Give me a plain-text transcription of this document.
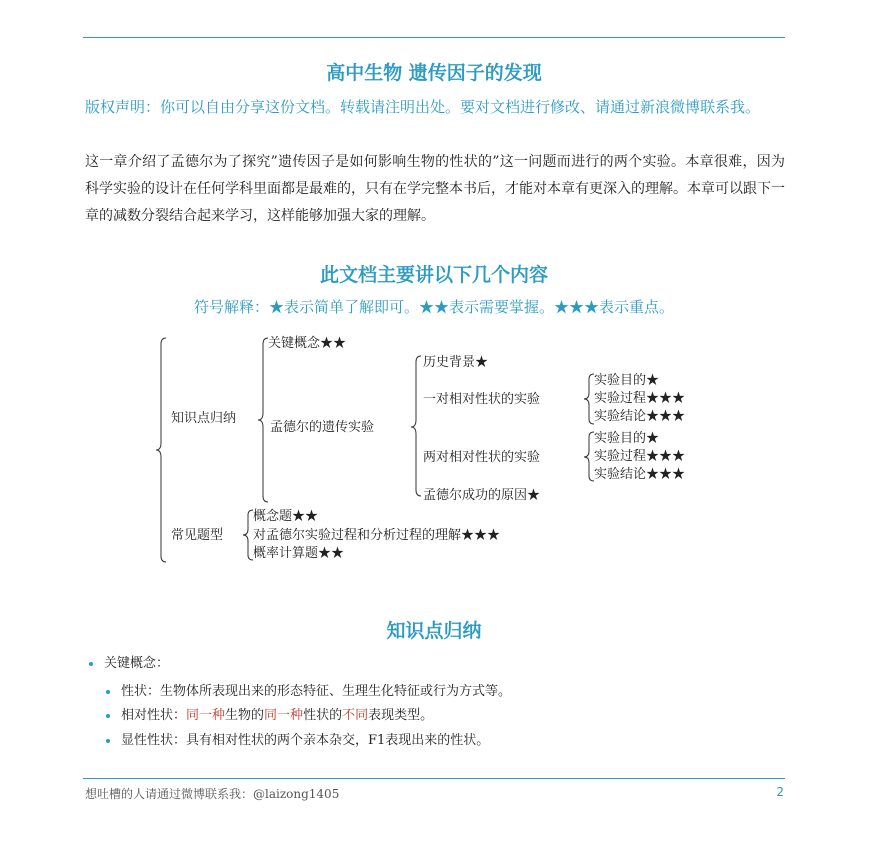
高中生物 遗传因子的发现
版权声明：你可以自由分享这份文档。转载请注明出处。要对文档进行修改、请通过新浪微博联系我。
这一章介绍了孟德尔为了探究”遗传因子是如何影响生物的性状的”这一问题而进行的两个实验。本章很难，因为科学实验的设计在任何学科里面都是最难的，只有在学完整本书后，才能对本章有更深入的理解。本章可以跟下一章的减数分裂结合起来学习，这样能够加强大家的理解。
此文档主要讲以下几个内容
符号解释：★表示简单了解即可。★★表示需要掌握。★★★表示重点。
知识点归纳
关键概念★★
孟德尔的遗传实验
历史背景★
一对相对性状的实验
实验目的★
实验过程★★★
实验结论★★★
两对相对性状的实验
实验目的★
实验过程★★★
实验结论★★★
孟德尔成功的原因★
常见题型
概念题★★
对孟德尔实验过程和分析过程的理解★★★
概率计算题★★
知识点归纳
关键概念：
性状：生物体所表现出来的形态特征、生理生化特征或行为方式等。
相对性状：同一种生物的同一种性状的不同表现类型。
显性性状：具有相对性状的两个亲本杂交，F1表现出来的性状。
想吐槽的人请通过微博联系我：@laizong1405	2
